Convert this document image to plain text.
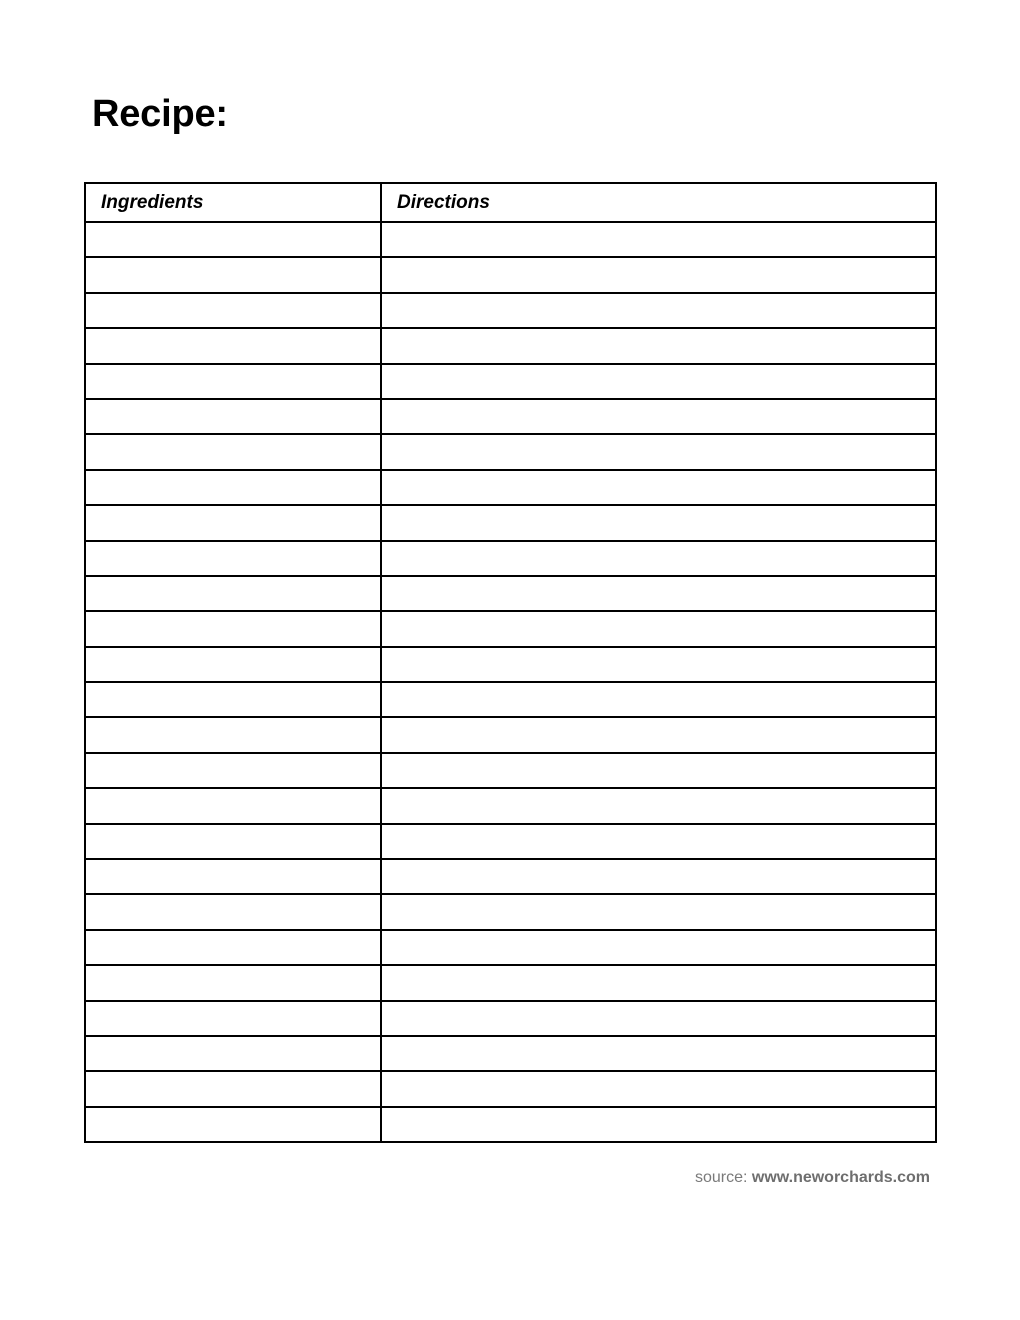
Recipe:
Ingredients	Directions

source: www.neworchards.com
